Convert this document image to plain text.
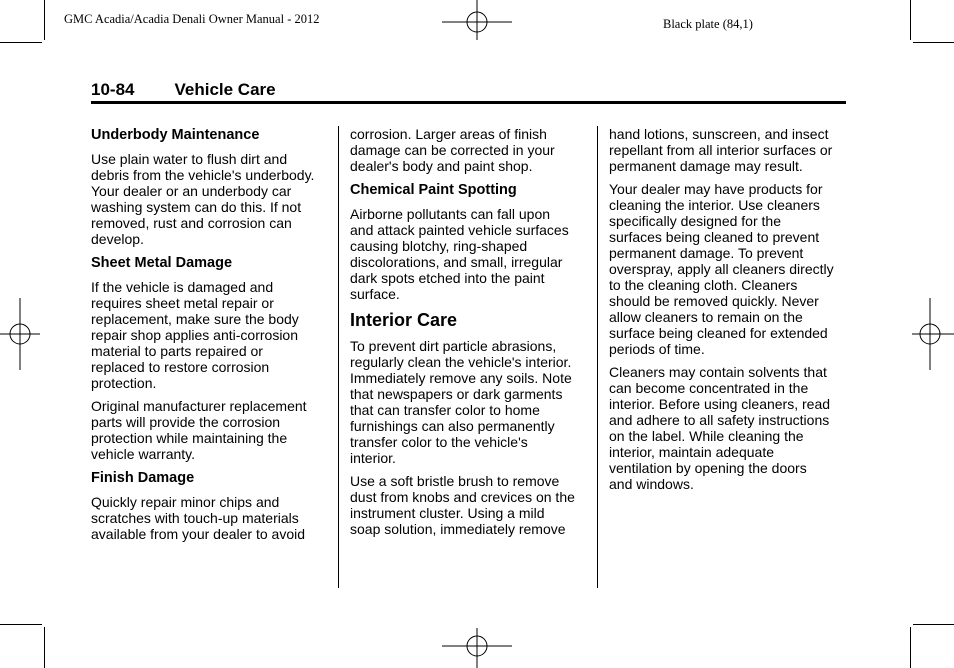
GMC Acadia/Acadia Denali Owner Manual - 2012	Black plate (84,1)
10-84 Vehicle Care
Underbody Maintenance

Use plain water to flush dirt and
debris from the vehicle's underbody.
Your dealer or an underbody car
washing system can do this. If not
removed, rust and corrosion can
develop.

Sheet Metal Damage

If the vehicle is damaged and
requires sheet metal repair or
replacement, make sure the body
repair shop applies anti-corrosion
material to parts repaired or
replaced to restore corrosion
protection.

Original manufacturer replacement
parts will provide the corrosion
protection while maintaining the
vehicle warranty.

Finish Damage

Quickly repair minor chips and
scratches with touch-up materials
available from your dealer to avoid

corrosion. Larger areas of finish
damage can be corrected in your
dealer's body and paint shop.

Chemical Paint Spotting

Airborne pollutants can fall upon
and attack painted vehicle surfaces
causing blotchy, ring-shaped
discolorations, and small, irregular
dark spots etched into the paint
surface.

Interior Care

To prevent dirt particle abrasions,
regularly clean the vehicle's interior.
Immediately remove any soils. Note
that newspapers or dark garments
that can transfer color to home
furnishings can also permanently
transfer color to the vehicle's
interior.

Use a soft bristle brush to remove
dust from knobs and crevices on the
instrument cluster. Using a mild
soap solution, immediately remove

hand lotions, sunscreen, and insect
repellant from all interior surfaces or
permanent damage may result.

Your dealer may have products for
cleaning the interior. Use cleaners
specifically designed for the
surfaces being cleaned to prevent
permanent damage. To prevent
overspray, apply all cleaners directly
to the cleaning cloth. Cleaners
should be removed quickly. Never
allow cleaners to remain on the
surface being cleaned for extended
periods of time.

Cleaners may contain solvents that
can become concentrated in the
interior. Before using cleaners, read
and adhere to all safety instructions
on the label. While cleaning the
interior, maintain adequate
ventilation by opening the doors
and windows.
